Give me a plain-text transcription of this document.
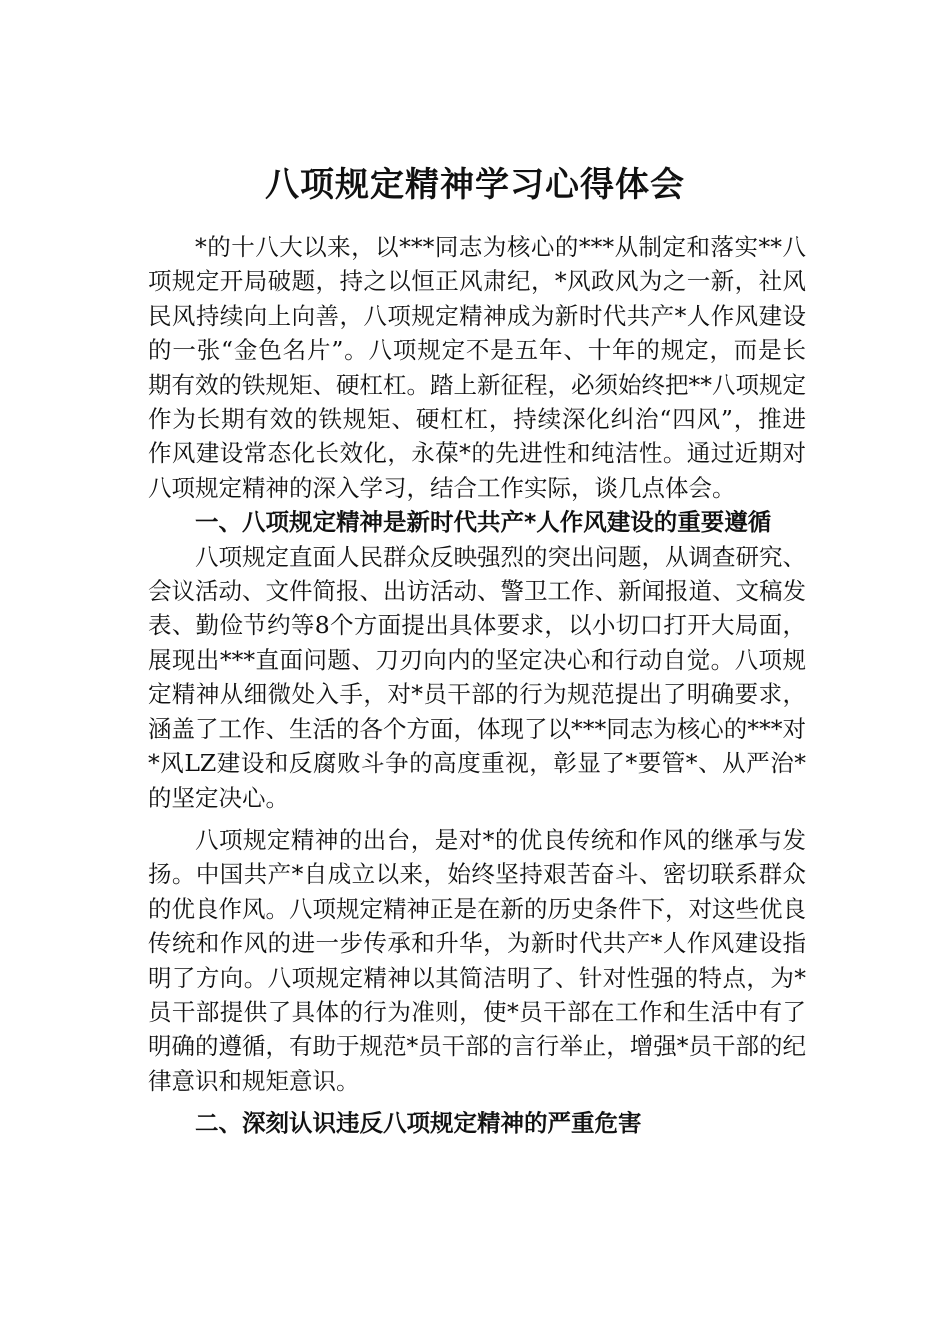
八项规定精神学习心得体会

*的十八大以来，以***同志为核心的***从制定和落实**八项规定开局破题，持之以恒正风肃纪，*风政风为之一新，社风民风持续向上向善，八项规定精神成为新时代共产*人作风建设的一张“金色名片”。八项规定不是五年、十年的规定，而是长期有效的铁规矩、硬杠杠。踏上新征程，必须始终把**八项规定作为长期有效的铁规矩、硬杠杠，持续深化纠治“四风”，推进作风建设常态化长效化，永葆*的先进性和纯洁性。通过近期对八项规定精神的深入学习，结合工作实际，谈几点体会。

一、八项规定精神是新时代共产*人作风建设的重要遵循

八项规定直面人民群众反映强烈的突出问题，从调查研究、会议活动、文件简报、出访活动、警卫工作、新闻报道、文稿发表、勤俭节约等8个方面提出具体要求，以小切口打开大局面，展现出***直面问题、刀刃向内的坚定决心和行动自觉。八项规定精神从细微处入手，对*员干部的行为规范提出了明确要求，涵盖了工作、生活的各个方面，体现了以***同志为核心的***对*风LZ建设和反腐败斗争的高度重视，彰显了*要管*、从严治*的坚定决心。

八项规定精神的出台，是对*的优良传统和作风的继承与发扬。中国共产*自成立以来，始终坚持艰苦奋斗、密切联系群众的优良作风。八项规定精神正是在新的历史条件下，对这些优良传统和作风的进一步传承和升华，为新时代共产*人作风建设指明了方向。八项规定精神以其简洁明了、针对性强的特点，为*员干部提供了具体的行为准则，使*员干部在工作和生活中有了明确的遵循，有助于规范*员干部的言行举止，增强*员干部的纪律意识和规矩意识。

二、深刻认识违反八项规定精神的严重危害
